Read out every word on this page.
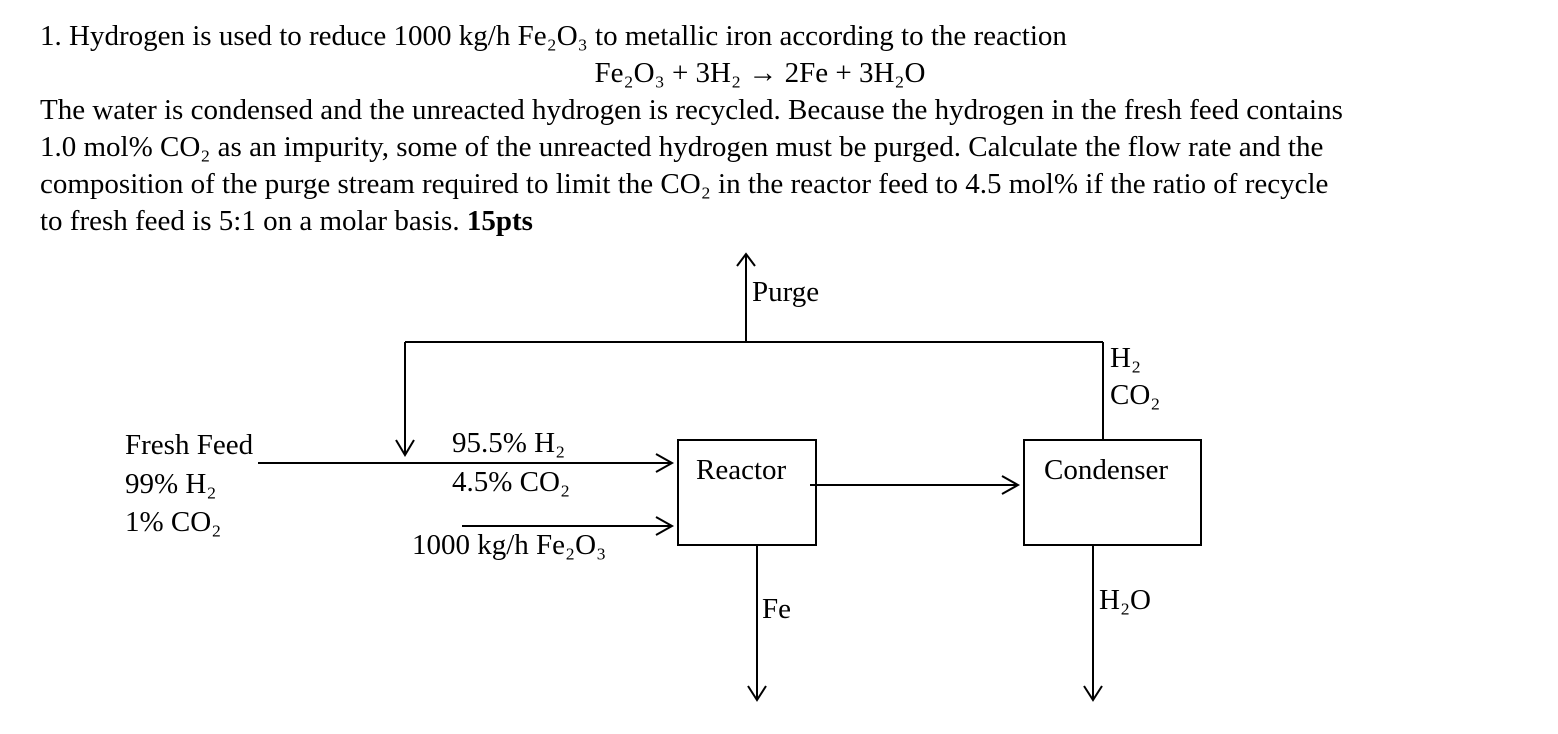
1. Hydrogen is used to reduce 1000 kg/h Fe₂O₃ to metallic iron according to the reaction
Fe₂O₃ + 3H₂ → 2Fe + 3H₂O
The water is condensed and the unreacted hydrogen is recycled. Because the hydrogen in the fresh feed contains
1.0 mol% CO₂ as an impurity, some of the unreacted hydrogen must be purged. Calculate the flow rate and the
composition of the purge stream required to limit the CO₂ in the reactor feed to 4.5 mol% if the ratio of recycle
to fresh feed is 5:1 on a molar basis. 15pts
Purge
H₂
CO₂
Fresh Feed
99% H₂
1% CO₂
95.5% H₂
4.5% CO₂
1000 kg/h Fe₂O₃
Reactor	Condenser
Fe	H₂O
